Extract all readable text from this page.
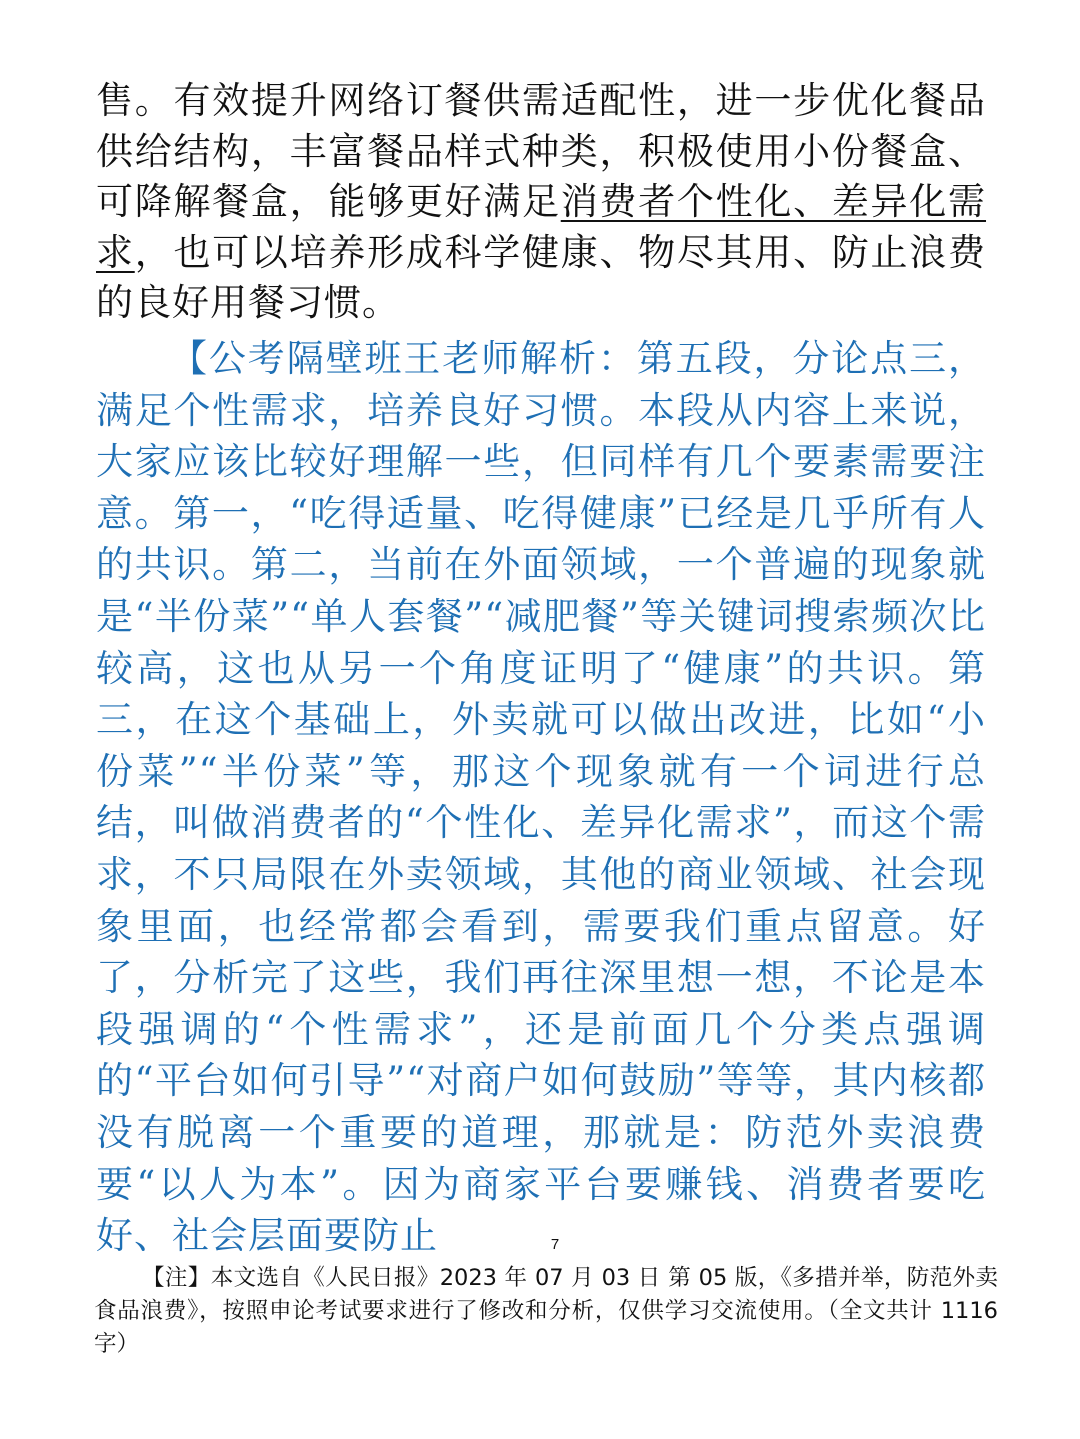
售。有效提升网络订餐供需适配性，进一步优化餐品供给结构，丰富餐品样式种类，积极使用小份餐盒、可降解餐盒，能够更好满足消费者个性化、差异化需求，也可以培养形成科学健康、物尽其用、防止浪费的良好用餐习惯。

【公考隔壁班王老师解析：第五段，分论点三，满足个性需求，培养良好习惯。本段从内容上来说，大家应该比较好理解一些，但同样有几个要素需要注意。第一，“吃得适量、吃得健康”已经是几乎所有人的共识。第二，当前在外面领域，一个普遍的现象就是“半份菜”“单人套餐”“减肥餐”等关键词搜索频次比较高，这也从另一个角度证明了“健康”的共识。第三，在这个基础上，外卖就可以做出改进，比如“小份菜”“半份菜”等，那这个现象就有一个词进行总结，叫做消费者的“个性化、差异化需求”，而这个需求，不只局限在外卖领域，其他的商业领域、社会现象里面，也经常都会看到，需要我们重点留意。好了，分析完了这些，我们再往深里想一想，不论是本段强调的“个性需求”，还是前面几个分类点强调的“平台如何引导”“对商户如何鼓励”等等，其内核都没有脱离一个重要的道理，那就是：防范外卖浪费要“以人为本”。因为商家平台要赚钱、消费者要吃好、社会层面要防止	7

【注】本文选自《人民日报》2023 年 07 月 03 日 第 05 版，《多措并举，防范外卖食品浪费》，按照申论考试要求进行了修改和分析，仅供学习交流使用。（全文共计 1116 字）
